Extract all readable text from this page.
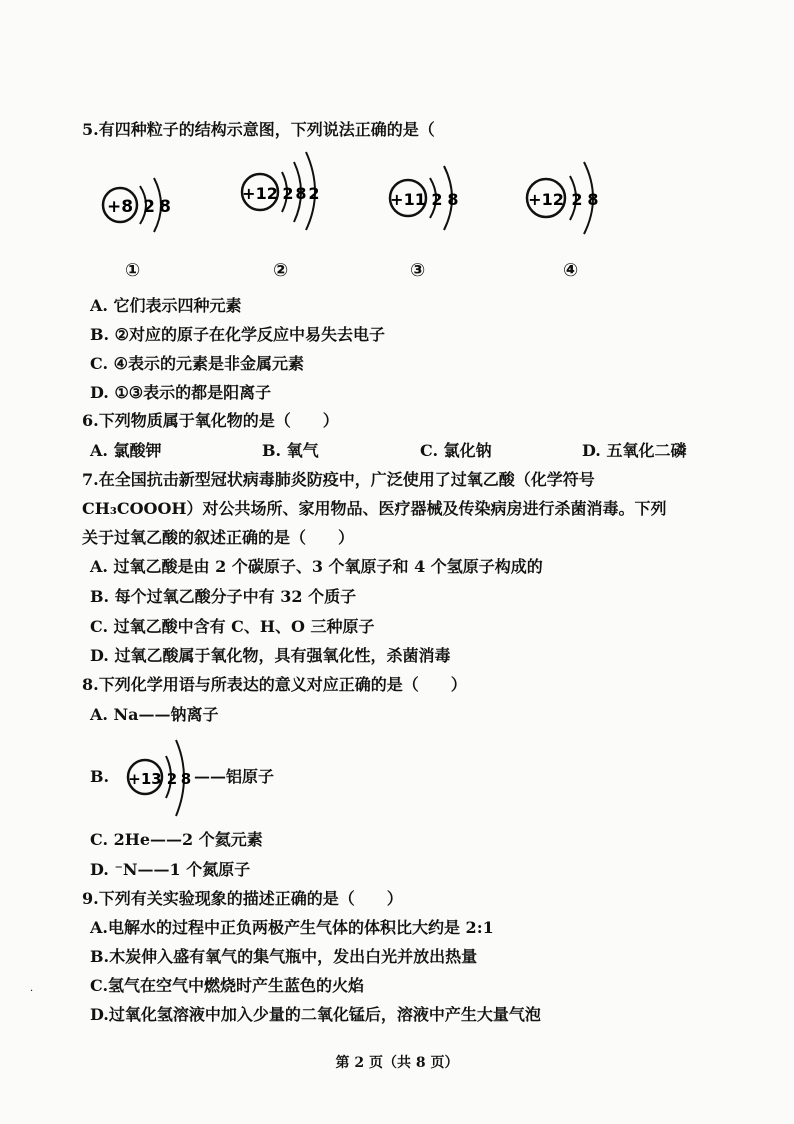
5.有四种粒子的结构示意图，下列说法正确的是（
+8 2 8
①
+12 2 8 2
②
+11 2 8
③
+12 2 8
④
A. 它们表示四种元素
B. ②对应的原子在化学反应中易失去电子
C. ④表示的元素是非金属元素
D. ①③表示的都是阳离子
6.下列物质属于氧化物的是（　　）
A. 氯酸钾	B. 氧气	C. 氯化钠	D. 五氧化二磷
7.在全国抗击新型冠状病毒肺炎防疫中，广泛使用了过氧乙酸（化学符号
CH₃COOOH）对公共场所、家用物品、医疗器械及传染病房进行杀菌消毒。下列
关于过氧乙酸的叙述正确的是（　　）
A. 过氧乙酸是由 2 个碳原子、3 个氧原子和 4 个氢原子构成的
B. 每个过氧乙酸分子中有 32 个质子
C. 过氧乙酸中含有 C、H、O 三种原子
D. 过氧乙酸属于氧化物，具有强氧化性，杀菌消毒
8.下列化学用语与所表达的意义对应正确的是（　　）
A. Na——钠离子
B. +13 2 8 ——铝原子
C. 2He——2 个氦元素
D. ⁻N——1 个氮原子
9.下列有关实验现象的描述正确的是（　　）
A.电解水的过程中正负两极产生气体的体积比大约是 2:1
B.木炭伸入盛有氧气的集气瓶中，发出白光并放出热量
C.氢气在空气中燃烧时产生蓝色的火焰
D.过氧化氢溶液中加入少量的二氧化锰后，溶液中产生大量气泡
·
第 2 页（共 8 页）
